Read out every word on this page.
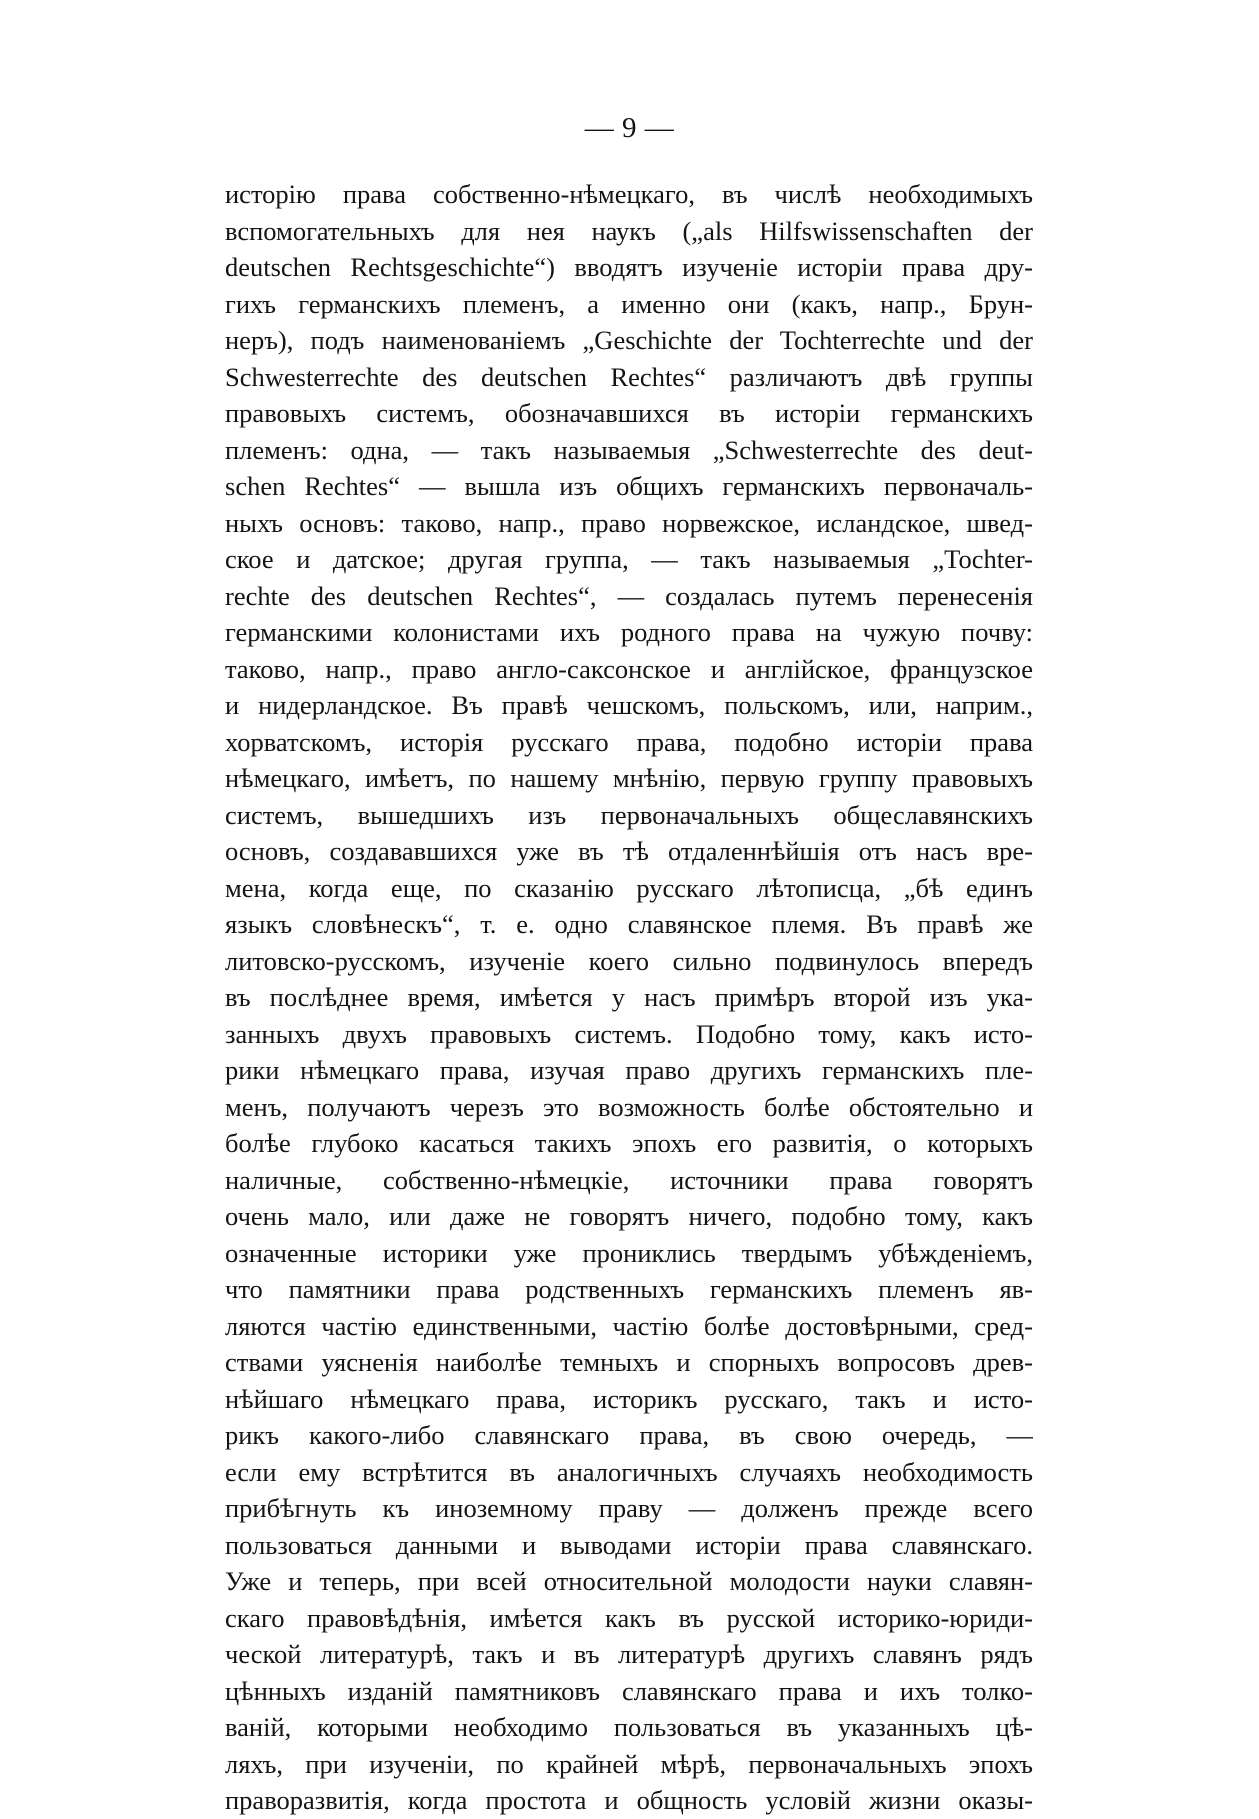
— 9 —
исторію права собственно-нѣмецкаго, въ числѣ необходимыхъ
вспомогательныхъ для нея наукъ („als Hilfswissenschaften der
deutschen Rechtsgeschichte“) вводятъ изученіе исторіи права дру-
гихъ германскихъ племенъ, а именно они (какъ, напр., Брун-
неръ), подъ наименованіемъ „Geschichte der Tochterrechte und der
Schwesterrechte des deutschen Rechtes“ различаютъ двѣ группы
правовыхъ системъ, обозначавшихся въ исторіи германскихъ
племенъ: одна, — такъ называемыя „Schwesterrechte des deut-
schen Rechtes“ — вышла изъ общихъ германскихъ первоначаль-
ныхъ основъ: таково, напр., право норвежское, исландское, швед-
ское и датское; другая группа, — такъ называемыя „Tochter-
rechte des deutschen Rechtes“, — создалась путемъ перенесенія
германскими колонистами ихъ родного права на чужую почву:
таково, напр., право англо-саксонское и англійское, французское
и нидерландское. Въ правѣ чешскомъ, польскомъ, или, наприм.,
хорватскомъ, исторія русскаго права, подобно исторіи права
нѣмецкаго, имѣетъ, по нашему мнѣнію, первую группу правовыхъ
системъ, вышедшихъ изъ первоначальныхъ общеславянскихъ
основъ, создававшихся уже въ тѣ отдаленнѣйшія отъ насъ вре-
мена, когда еще, по сказанію русскаго лѣтописца, „бѣ единъ
языкъ словѣнескъ“, т. е. одно славянское племя. Въ правѣ же
литовско-русскомъ, изученіе коего сильно подвинулось впередъ
въ послѣднее время, имѣется у насъ примѣръ второй изъ ука-
занныхъ двухъ правовыхъ системъ. Подобно тому, какъ исто-
рики нѣмецкаго права, изучая право другихъ германскихъ пле-
менъ, получаютъ черезъ это возможность болѣе обстоятельно и
болѣе глубоко касаться такихъ эпохъ его развитія, о которыхъ
наличные, собственно-нѣмецкіе, источники права говорятъ
очень мало, или даже не говорятъ ничего, подобно тому, какъ
означенные историки уже прониклись твердымъ убѣжденіемъ,
что памятники права родственныхъ германскихъ племенъ яв-
ляются частію единственными, частію болѣе достовѣрными, сред-
ствами уясненія наиболѣе темныхъ и спорныхъ вопросовъ древ-
нѣйшаго нѣмецкаго права, историкъ русскаго, такъ и исто-
рикъ какого-либо славянскаго права, въ свою очередь, —
если ему встрѣтится въ аналогичныхъ случаяхъ необходимость
прибѣгнуть къ иноземному праву — долженъ прежде всего
пользоваться данными и выводами исторіи права славянскаго.
Уже и теперь, при всей относительной молодости науки славян-
скаго правовѣдѣнія, имѣется какъ въ русской историко-юриди-
ческой литературѣ, такъ и въ литературѣ другихъ славянъ рядъ
цѣнныхъ изданій памятниковъ славянскаго права и ихъ толко-
ваній, которыми необходимо пользоваться въ указанныхъ цѣ-
ляхъ, при изученіи, по крайней мѣрѣ, первоначальныхъ эпохъ
праворазвитія, когда простота и общность условій жизни оказы-
